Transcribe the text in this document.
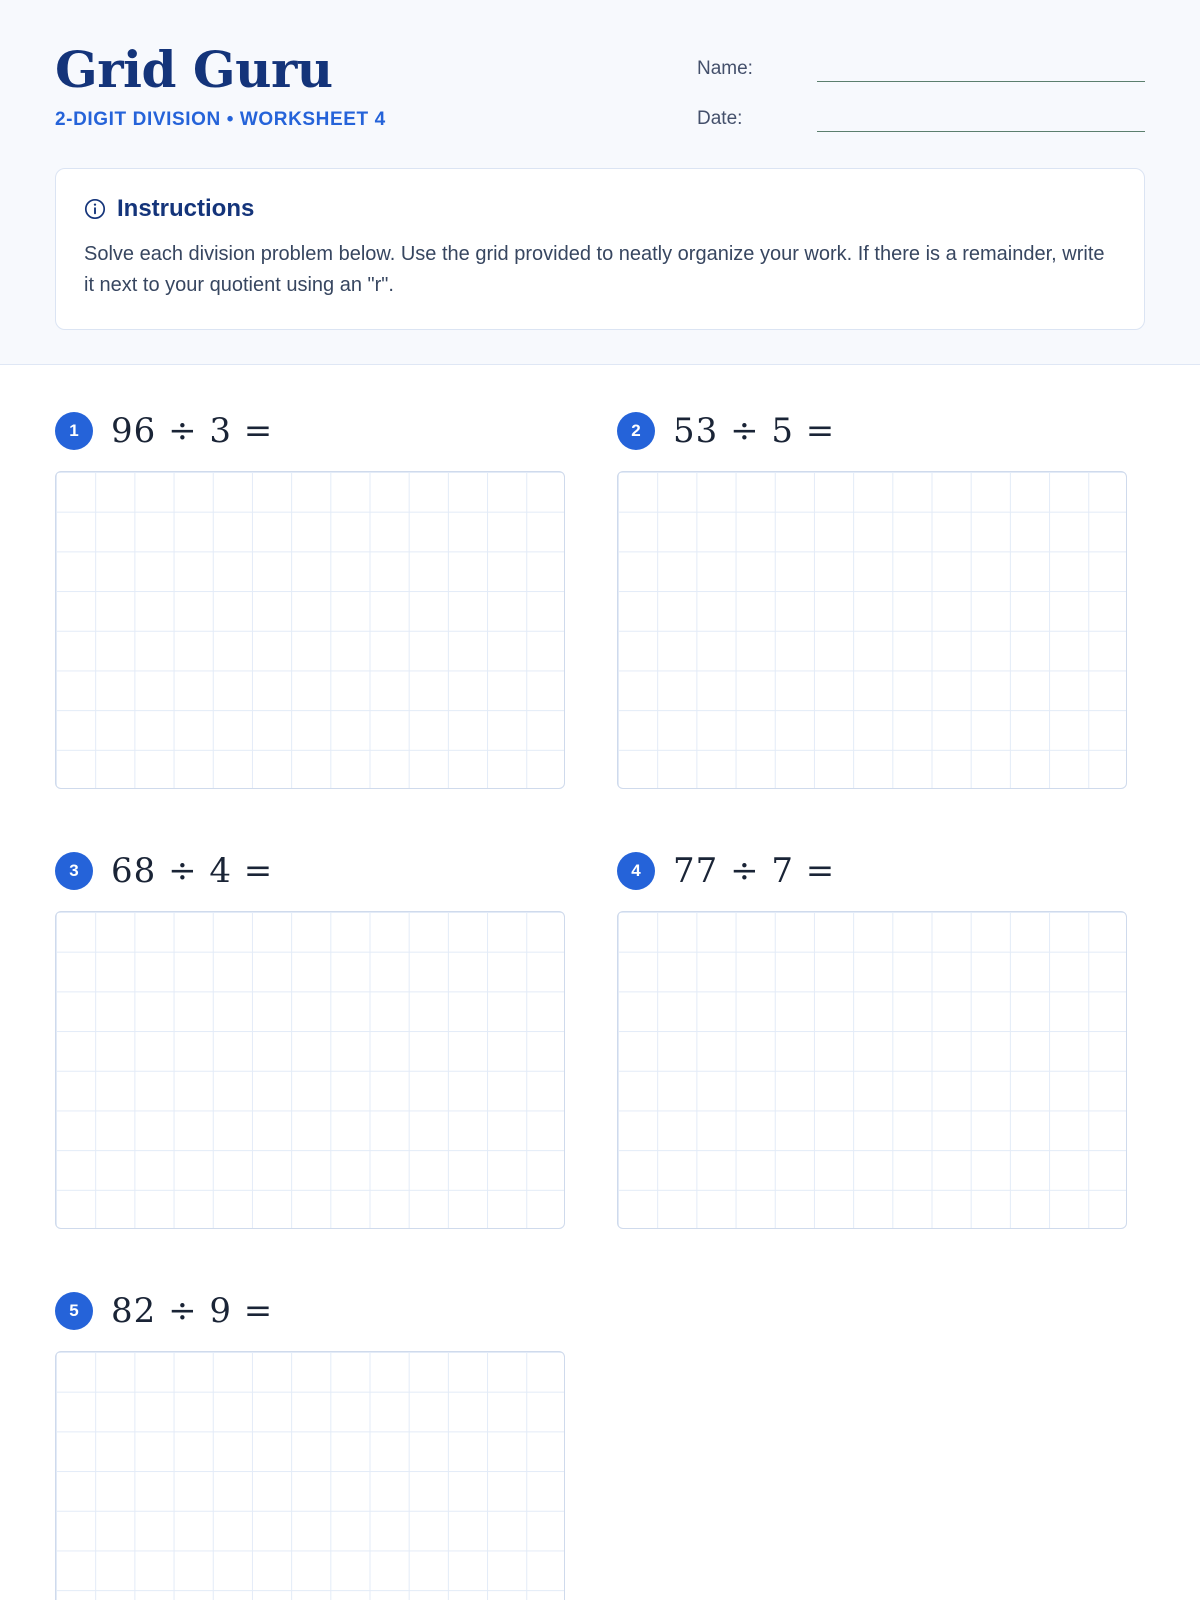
Grid Guru
2-DIGIT DIVISION • WORKSHEET 4
Name:
Date:
Instructions
Solve each division problem below. Use the grid provided to neatly organize your work. If there is a remainder, write it next to your quotient using an "r".
1 96 ÷ 3 =	2 53 ÷ 5 =
3 68 ÷ 4 =	4 77 ÷ 7 =
5 82 ÷ 9 =
